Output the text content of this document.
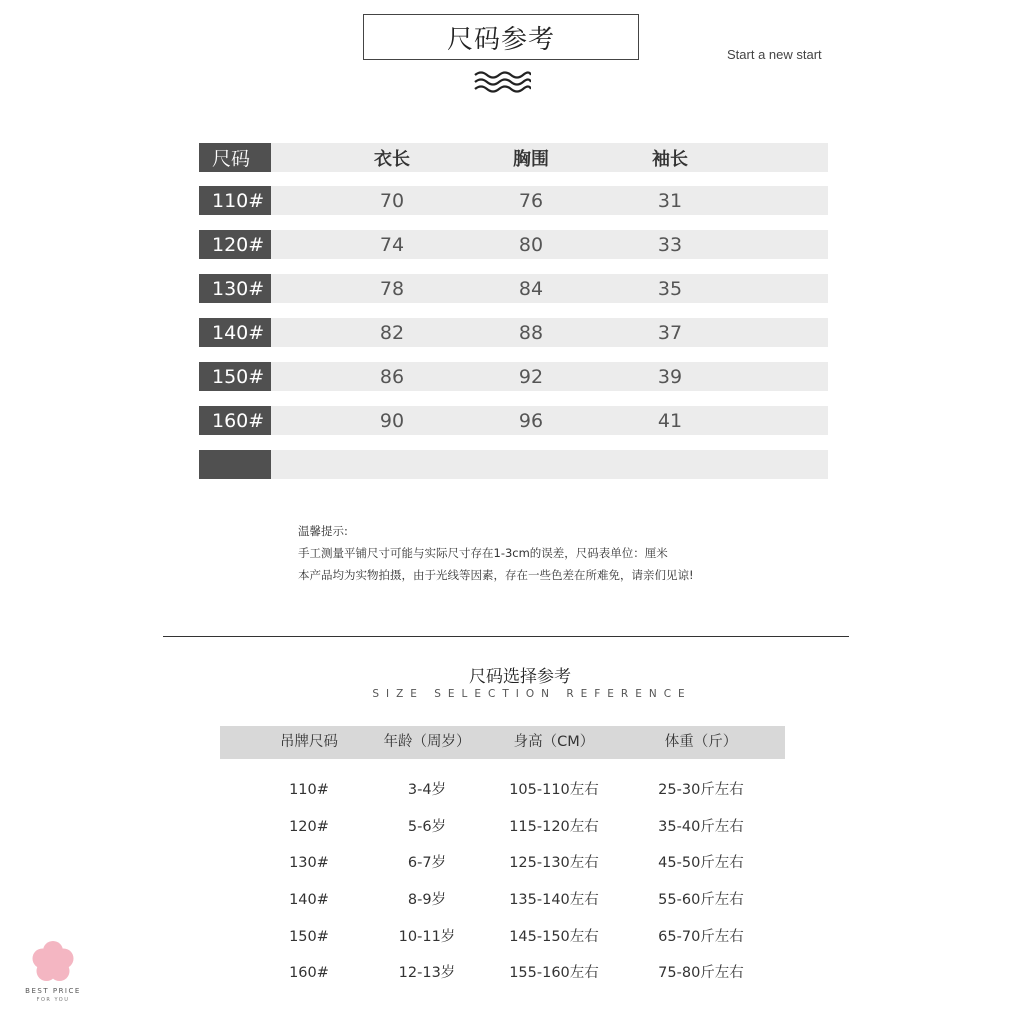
尺码参考	Start a new start
尺码	衣长	胸围	袖长
110#	70	76	31
120#	74	80	33
130#	78	84	35
140#	82	88	37
150#	86	92	39
160#	90	96	41
温馨提示:
手工测量平铺尺寸可能与实际尺寸存在1-3cm的误差，尺码表单位：厘米
本产品均为实物拍摄，由于光线等因素，存在一些色差在所难免，请亲们见谅!
尺码选择参考
SIZE SELECTION REFERENCE
吊牌尺码	年龄（周岁）	身高（CM）	体重（斤）
110#	3-4岁	105-110左右	25-30斤左右
120#	5-6岁	115-120左右	35-40斤左右
130#	6-7岁	125-130左右	45-50斤左右
140#	8-9岁	135-140左右	55-60斤左右
150#	10-11岁	145-150左右	65-70斤左右
160#	12-13岁	155-160左右	75-80斤左右
BEST PRICE
FOR YOU
